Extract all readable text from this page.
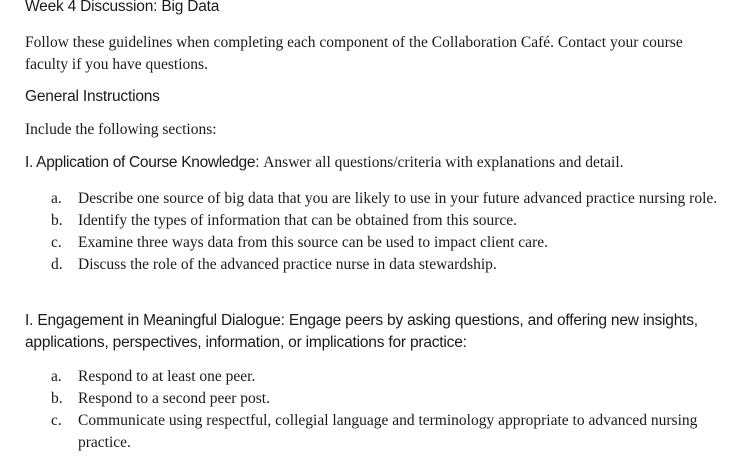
Week 4 Discussion: Big Data
Follow these guidelines when completing each component of the Collaboration Café. Contact your course faculty if you have questions.
General Instructions
Include the following sections:
I. Application of Course Knowledge: Answer all questions/criteria with explanations and detail.
a. Describe one source of big data that you are likely to use in your future advanced practice nursing role.
b. Identify the types of information that can be obtained from this source.
c. Examine three ways data from this source can be used to impact client care.
d. Discuss the role of the advanced practice nurse in data stewardship.
I. Engagement in Meaningful Dialogue: Engage peers by asking questions, and offering new insights, applications, perspectives, information, or implications for practice:
a. Respond to at least one peer.
b. Respond to a second peer post.
c. Communicate using respectful, collegial language and terminology appropriate to advanced nursing practice.
